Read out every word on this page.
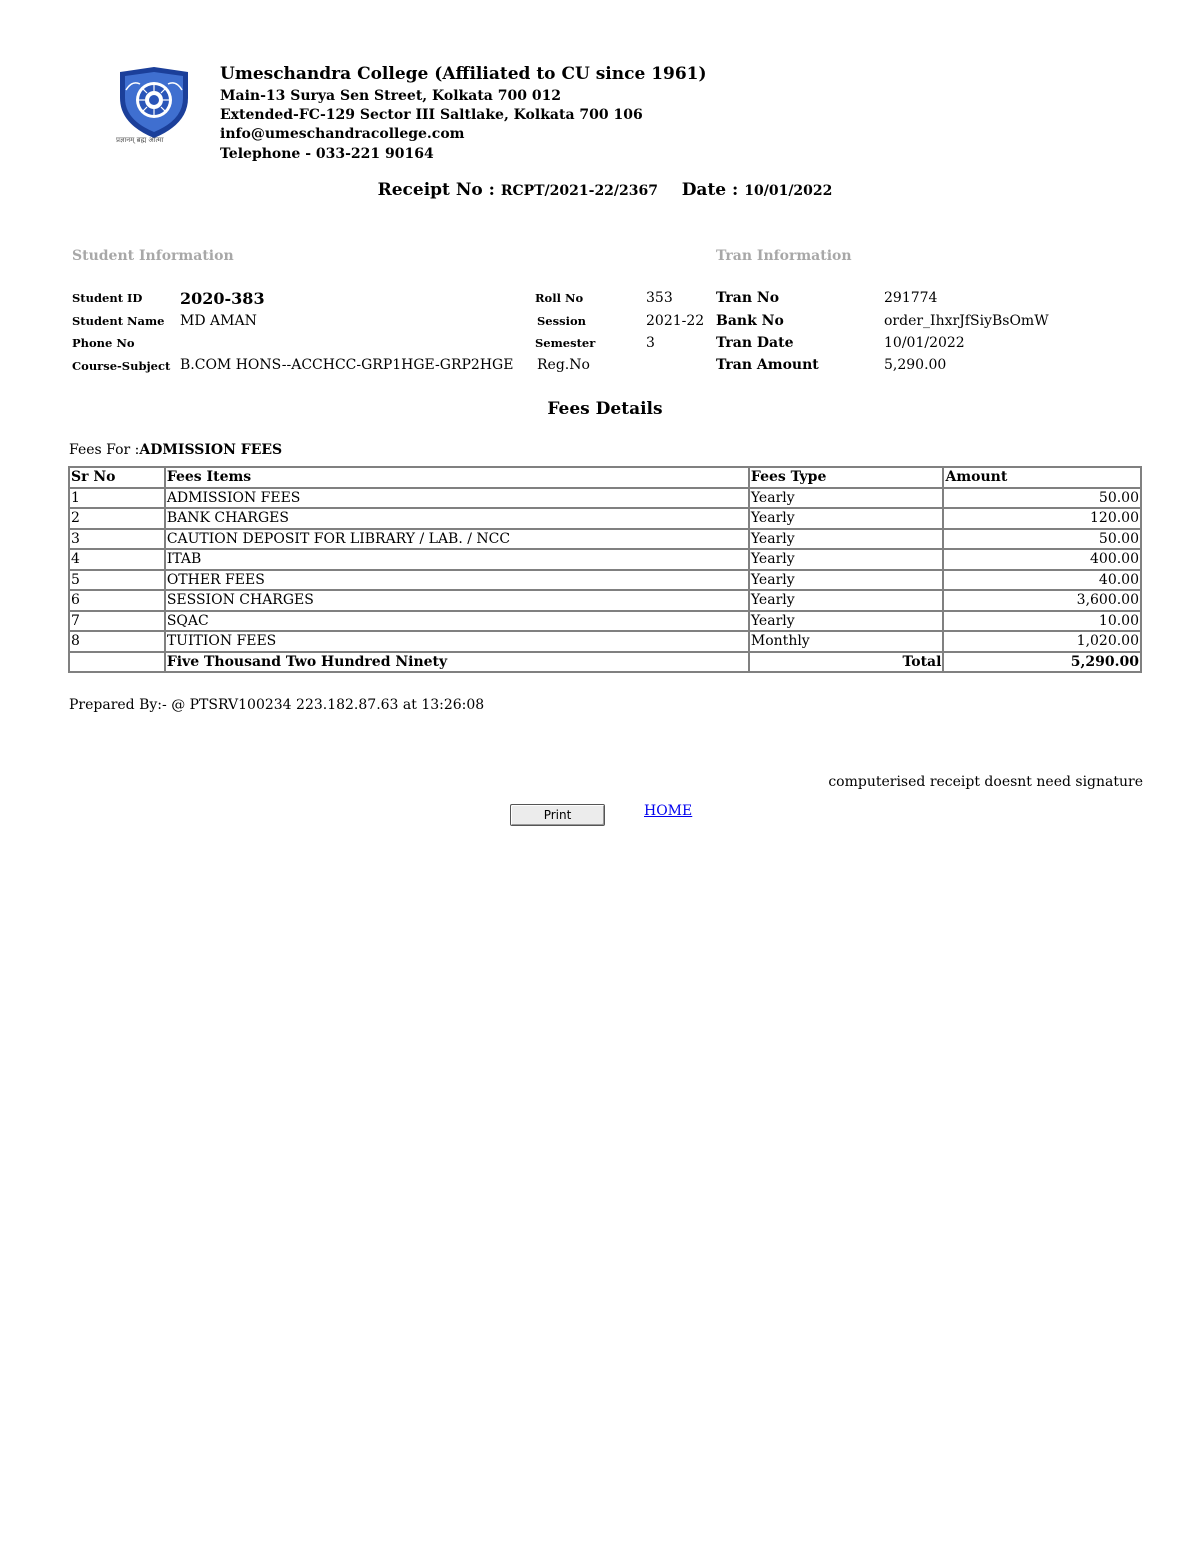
प्रज्ञानम् ब्रह्म आत्मा
Umeschandra College (Affiliated to CU since 1961)
Main-13 Surya Sen Street, Kolkata 700 012
Extended-FC-129 Sector III Saltlake, Kolkata 700 106
info@umeschandracollege.com
Telephone - 033-221 90164
Receipt No : RCPT/2021-22/2367 Date : 10/01/2022
Student Information	Tran Information
Student ID 2020-383
Student Name MD AMAN
Phone No
Course-Subject B.COM HONS--ACCHCC-GRP1HGE-GRP2HGE
Roll No	353
Session	2021-22
Semester	3
Reg.No
Tran No	291774
Bank No	order_IhxrJfSiyBsOmW
Tran Date	10/01/2022
Tran Amount	5,290.00
Fees Details
Fees For :ADMISSION FEES
Sr No	Fees Items	Fees Type	Amount
1	ADMISSION FEES	Yearly	50.00
2	BANK CHARGES	Yearly	120.00
3	CAUTION DEPOSIT FOR LIBRARY / LAB. / NCC	Yearly	50.00
4	ITAB	Yearly	400.00
5	OTHER FEES	Yearly	40.00
6	SESSION CHARGES	Yearly	3,600.00
7	SQAC	Yearly	10.00
8	TUITION FEES	Monthly	1,020.00
	Five Thousand Two Hundred Ninety	Total	5,290.00
Prepared By:- @ PTSRV100234 223.182.87.63 at 13:26:08
computerised receipt doesnt need signature
Print	HOME
